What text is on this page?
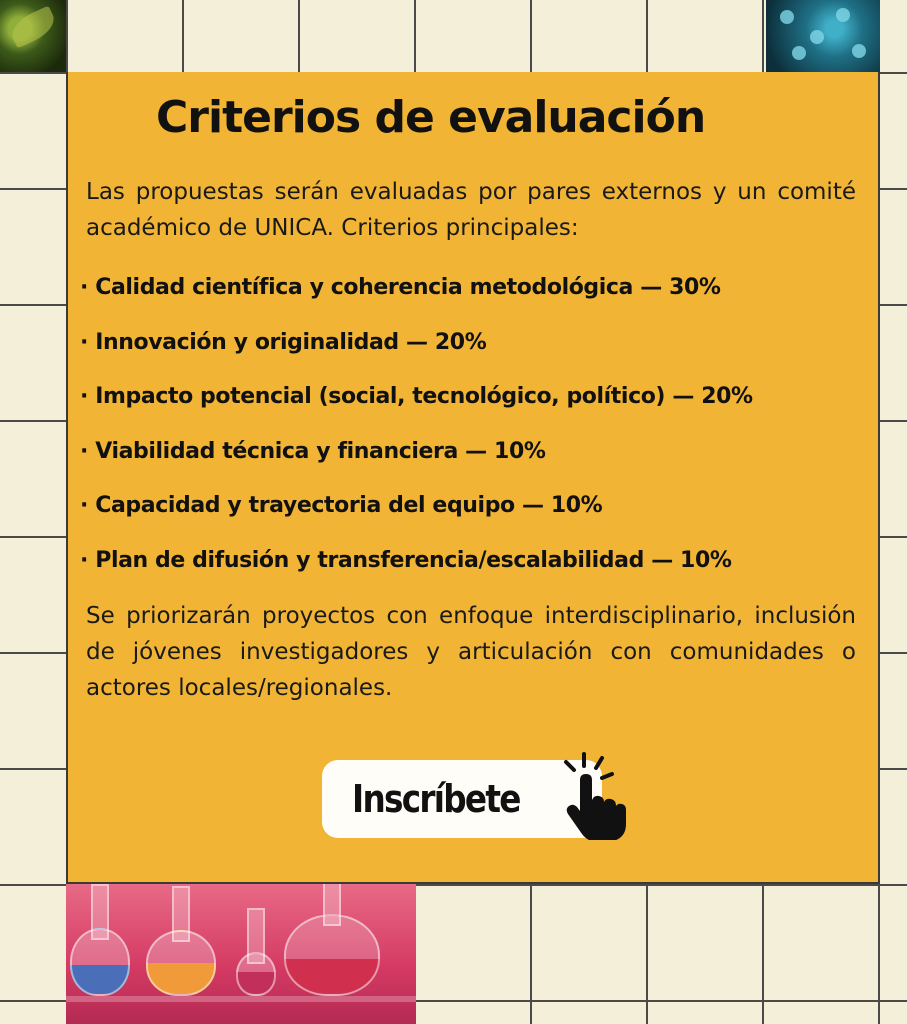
Criterios de evaluación

Las propuestas serán evaluadas por pares externos y un comité académico de UNICA. Criterios principales:

· Calidad científica y coherencia metodológica — 30%
· Innovación y originalidad — 20%
· Impacto potencial (social, tecnológico, político) — 20%
· Viabilidad técnica y financiera — 10%
· Capacidad y trayectoria del equipo — 10%
· Plan de difusión y transferencia/escalabilidad — 10%

Se priorizarán proyectos con enfoque interdisciplinario, inclusión de jóvenes investigadores y articulación con comunidades o actores locales/regionales.

Inscríbete
